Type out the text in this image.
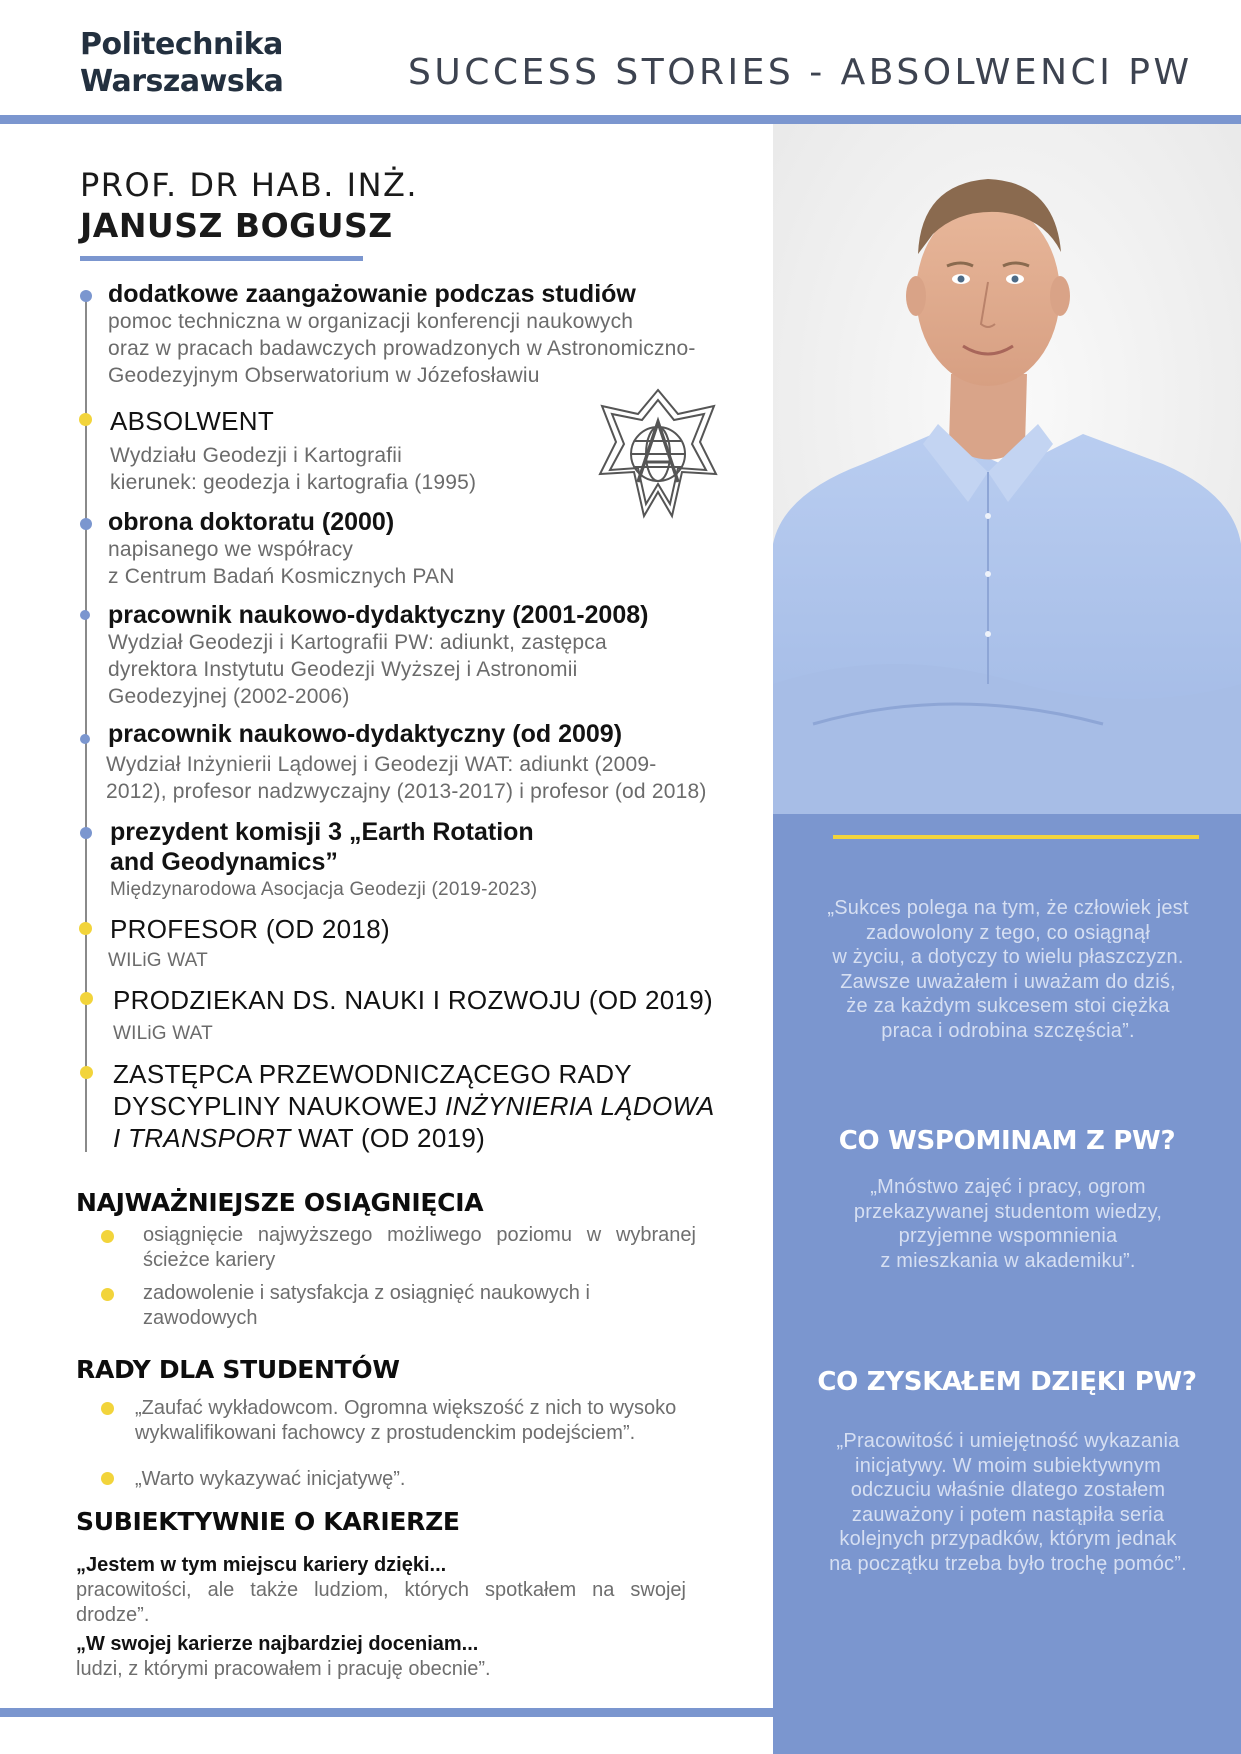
Politechnika
Warszawska	SUCCESS STORIES - ABSOLWENCI PW
PROF. DR HAB. INŻ.
JANUSZ BOGUSZ
dodatkowe zaangażowanie podczas studiów
pomoc techniczna w organizacji konferencji naukowych
oraz w pracach badawczych prowadzonych w Astronomiczno-
Geodezyjnym Obserwatorium w Józefosławiu
ABSOLWENT
Wydziału Geodezji i Kartografii
kierunek: geodezja i kartografia (1995)
obrona doktoratu (2000)
napisanego we współracy
z Centrum Badań Kosmicznych PAN
pracownik naukowo-dydaktyczny (2001-2008)
Wydział Geodezji i Kartografii PW: adiunkt, zastępca
dyrektora Instytutu Geodezji Wyższej i Astronomii
Geodezyjnej (2002-2006)
pracownik naukowo-dydaktyczny (od 2009)
Wydział Inżynierii Lądowej i Geodezji WAT: adiunkt (2009-
2012), profesor nadzwyczajny (2013-2017) i profesor (od 2018)
prezydent komisji 3 „Earth Rotation
and Geodynamics”
Międzynarodowa Asocjacja Geodezji (2019-2023)
PROFESOR (OD 2018)
WILiG WAT
PRODZIEKAN DS. NAUKI I ROZWOJU (OD 2019)
WILiG WAT
ZASTĘPCA PRZEWODNICZĄCEGO RADY
DYSCYPLINY NAUKOWEJ INŻYNIERIA LĄDOWA
I TRANSPORT WAT (OD 2019)
NAJWAŻNIEJSZE OSIĄGNIĘCIA
osiągnięcie najwyższego możliwego poziomu w wybranej ścieżce kariery
zadowolenie i satysfakcja z osiągnięć naukowych i zawodowych
RADY DLA STUDENTÓW
„Zaufać wykładowcom. Ogromna większość z nich to wysoko wykwalifikowani fachowcy z prostudenckim podejściem”.
„Warto wykazywać inicjatywę”.
SUBIEKTYWNIE O KARIERZE
„Jestem w tym miejscu kariery dzięki...
pracowitości, ale także ludziom, których spotkałem na swojej drodze”.
„W swojej karierze najbardziej doceniam...
ludzi, z którymi pracowałem i pracuję obecnie”.
„Sukces polega na tym, że człowiek jest
zadowolony z tego, co osiągnął
w życiu, a dotyczy to wielu płaszczyzn.
Zawsze uważałem i uważam do dziś,
że za każdym sukcesem stoi ciężka
praca i odrobina szczęścia”.
CO WSPOMINAM Z PW?
„Mnóstwo zajęć i pracy, ogrom
przekazywanej studentom wiedzy,
przyjemne wspomnienia
z mieszkania w akademiku”.
CO ZYSKAŁEM DZIĘKI PW?
„Pracowitość i umiejętność wykazania
inicjatywy. W moim subiektywnym
odczuciu właśnie dlatego zostałem
zauważony i potem nastąpiła seria
kolejnych przypadków, którym jednak
na początku trzeba było trochę pomóc”.
